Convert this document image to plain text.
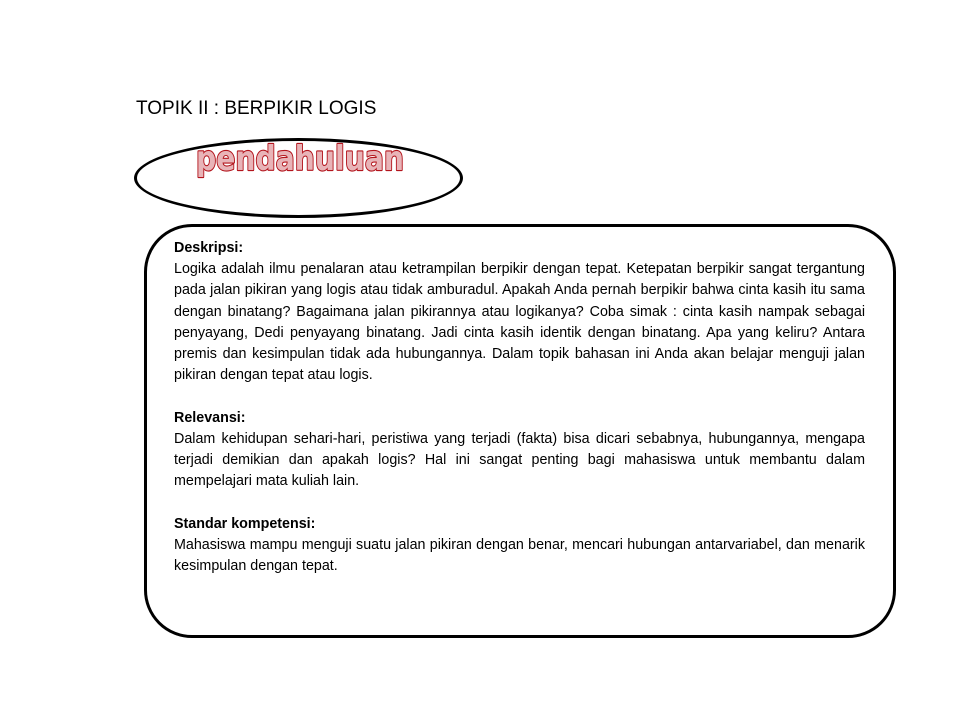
TOPIK II : BERPIKIR LOGIS
pendahuluan

Deskripsi:

Logika adalah ilmu penalaran atau ketrampilan berpikir dengan tepat. Ketepatan berpikir sangat tergantung pada jalan pikiran yang logis atau tidak amburadul. Apakah Anda pernah berpikir bahwa cinta kasih itu sama dengan binatang? Bagaimana jalan pikirannya atau logikanya? Coba simak : cinta kasih nampak sebagai penyayang, Dedi penyayang binatang. Jadi cinta kasih identik dengan binatang. Apa yang keliru? Antara premis dan kesimpulan tidak ada hubungannya. Dalam topik bahasan ini Anda akan belajar menguji jalan pikiran dengan tepat atau logis.

Relevansi:

Dalam kehidupan sehari-hari, peristiwa yang terjadi (fakta) bisa dicari sebabnya, hubungannya, mengapa terjadi demikian dan apakah logis? Hal ini sangat penting bagi mahasiswa untuk membantu dalam mempelajari mata kuliah lain.

Standar kompetensi:

Mahasiswa mampu menguji suatu jalan pikiran dengan benar, mencari hubungan antarvariabel, dan menarik kesimpulan dengan tepat.
